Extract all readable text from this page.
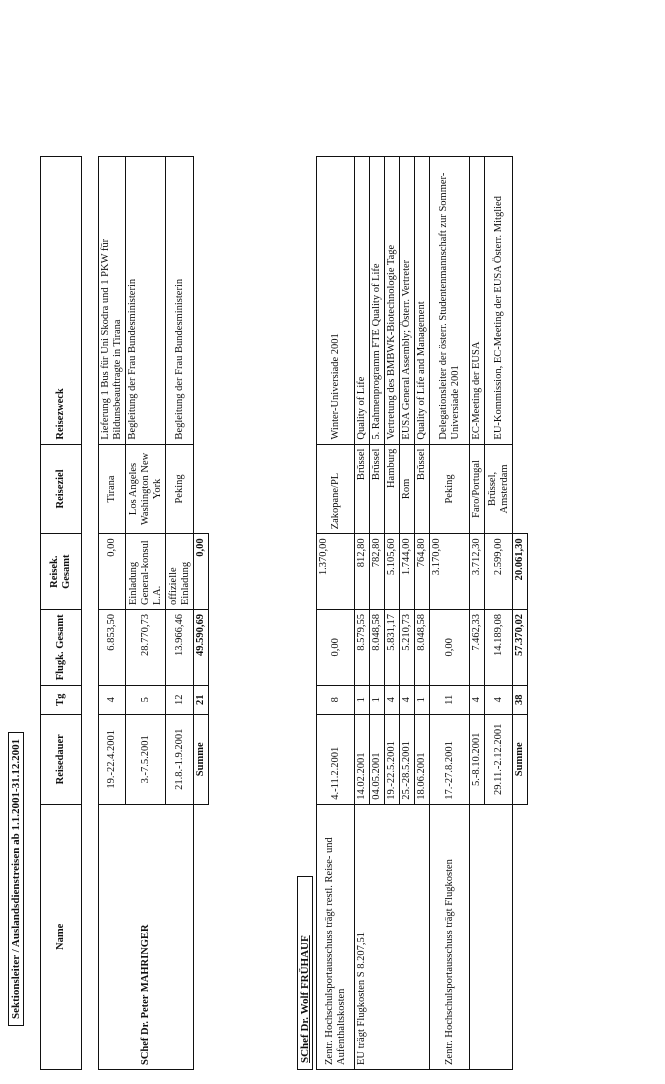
Sektionsleiter / Auslandsdienstreisen ab 1.1.2001-31.12.2001	Name	Reisedauer	Tg	Flugk. Gesamt	Reisek. Gesamt	Reiseziel	Reisezweck
SChef Dr. Peter MAHRINGER	19.-22.4.2001	4	6.853,50	0,00	Tirana	Lieferung 1 Bus für Uni Skodra und 1 PKW für Bildunsbeauftragte in Tirana
	3.-7.5.2001	5	28.770,73	Einladung General-konsul L.A.	Los Angeles Washington New York	Begleitung der Frau Bundesministerin
	21.8.-1.9.2001	12	13.966,46	offizielle Einladung	Peking	Begleitung der Frau Bundesministerin
	Summe	21	49.590,69	0,00		
SChef Dr. Wolf FRÜHAUF Zentr. Hochschulsportausschuss trägt restl. Reise- und Aufenthaltskosten	4.-11.2.2001	8	0,00	1.370,00	Zakopane/PL	Winter-Universiade 2001
EU trägt Flugkosten S 8.207,51	14.02.2001	1	8.579,55	812,80	Brüssel	Quality of Life
	04.05.2001	1	8.048,58	782,80	Brüssel	5. Rahmenprogramm FTE Quality of Life
	19.-22.5.2001	4	5.831,17	5.105,60	Hamburg	Vertretung des BMBWK-Biotechnologie Tage
	25.-28.5.2001	4	5.210,73	1.744,00	Rom	EUSA General Assembly; Österr. Vertreter
	18.06.2001	1	8.048,58	764,80	Brüssel	Quality of Life and Management
Zentr. Hochschulsportausschuss trägt Flugkosten	17.-27.8.2001	11	0,00	3.170,00	Peking	Delegationsleiter der österr. Studentenmannschaft zur Sommer-Universiade 2001
	5.-8.10.2001	4	7.462,33	3.712,30	Faro/Portugal	EC-Meeting der EUSA
	29.11.-2.12.2001	4	14.189,08	2.599,00	Brüssel, Amsterdam	EU-Kommission, EC-Meeting der EUSA Österr. Mitglied
	Summe	38	57.370,02	20.061,30		
